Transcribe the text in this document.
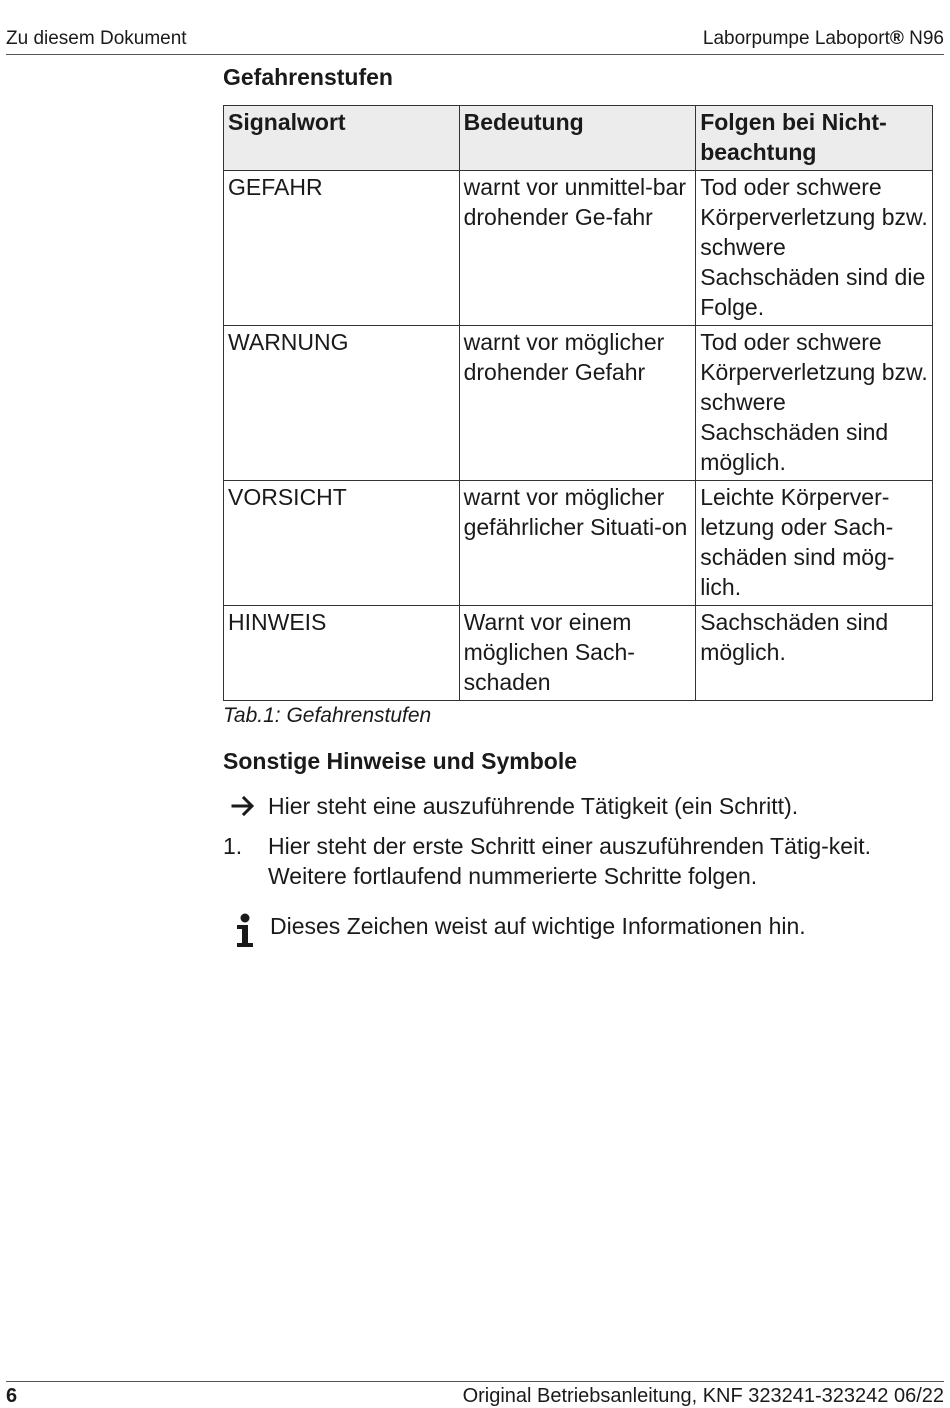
Zu diesem Dokument	Laborpumpe Laboport® N96
Gefahrenstufen
Signalwort	Bedeutung	Folgen bei Nicht-beachtung
GEFAHR	warnt vor unmittel-bar drohender Ge-fahr	Tod oder schwere Körperverletzung bzw. schwere Sachschäden sind die Folge.
WARNUNG	warnt vor möglicher drohender Gefahr	Tod oder schwere Körperverletzung bzw. schwere Sachschäden sind möglich.
VORSICHT	warnt vor möglicher gefährlicher Situati-on	Leichte Körperver-letzung oder Sach-schäden sind mög-lich.
HINWEIS	Warnt vor einem möglichen Sach-schaden	Sachschäden sind möglich.
Tab.1: Gefahrenstufen
Sonstige Hinweise und Symbole
Hier steht eine auszuführende Tätigkeit (ein Schritt).
1. Hier steht der erste Schritt einer auszuführenden Tätig-keit.
Weitere fortlaufend nummerierte Schritte folgen.
Dieses Zeichen weist auf wichtige Informationen hin.
6	Original Betriebsanleitung, KNF 323241-323242 06/22
